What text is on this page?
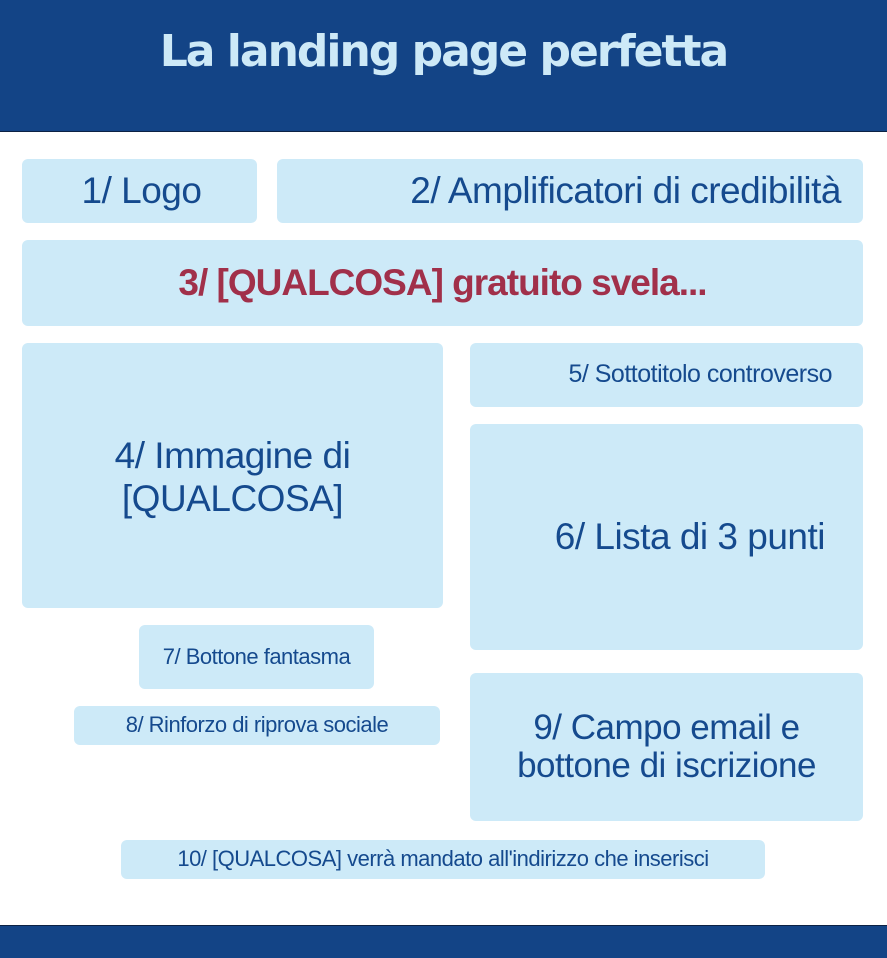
La landing page perfetta
1/ Logo	2/ Amplificatori di credibilità
3/ [QUALCOSA] gratuito svela...
4/ Immagine di [QUALCOSA]
5/ Sottotitolo controverso
6/ Lista di 3 punti
7/ Bottone fantasma
8/ Rinforzo di riprova sociale	9/ Campo email e bottone di iscrizione
10/ [QUALCOSA] verrà mandato all'indirizzo che inserisci
